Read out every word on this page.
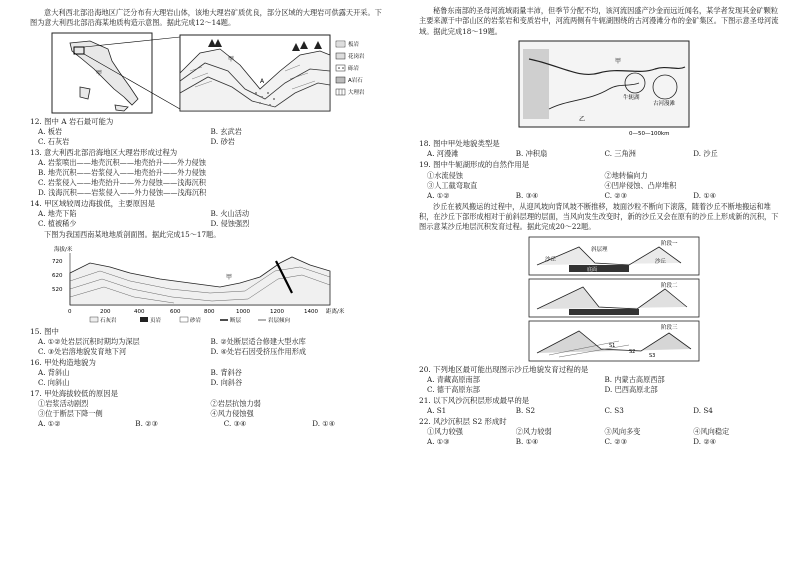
意大利西北部沿海地区广泛分布有大理岩山体，该地大理岩矿质优良，部分区域的大理岩可供露天开采。下图为意大利西北部沿海某地质构造示意图。据此完成12～14题。

甲
A
甲
板岩
花岗岩
砾岩
A岩石
大理岩
12. 图中 A 岩石最可能为
A. 板岩	B. 玄武岩
C. 石灰岩	D. 砂岩
13. 意大利西北部沿海地区大理岩形成过程为
A. 岩浆喷出——地壳沉积——地壳抬升——外力侵蚀
B. 地壳沉积——岩浆侵入——地壳抬升——外力侵蚀
C. 岩浆侵入——地壳抬升——外力侵蚀——浅海沉积
D. 浅海沉积——岩浆侵入——外力侵蚀——浅海沉积
14. 甲区域较周边海拔低，主要原因是
A. 地壳下陷	B. 火山活动
C. 植被稀少	D. 侵蚀强烈

下图为我国西南某地地质剖面图。据此完成15～17题。

海拔/米
720
620
520
甲
0	200	400	600	800	1000	1200	1400 距离/米
石灰岩	页岩	砂岩	断层	岩层倾向
15. 图中
A. ①②处岩层沉积时期均为深层	B. ②处断层适合修建大型水库
C. ③处岩溶地貌发育地下河	D. ④处岩石因受挤压作用形成
16. 甲处构造地貌为
A. 背斜山	B. 背斜谷
C. 向斜山	D. 向斜谷
17. 甲处海拔较低的原因是
①岩浆活动剧烈	②岩层抗蚀力弱
③位于断层下降一侧	④风力侵蚀强
A. ①②	B. ②③	C. ③④	D. ①④

秘鲁东南部的圣母河流域雨量丰沛，但季节分配不均，该河流因盛产沙金而远近闻名，某学者发现其金矿颗粒主要来源于中部山区的岩浆岩和变质岩中，河流两侧有牛轭湖围绕的古河漫滩分布的金矿集区。下图示意圣母河流域。据此完成18～19题。

甲
牛轭湖
古河漫滩
乙
0—50—100km
18. 图中甲处地貌类型是
A. 河漫滩	B. 冲积扇	C. 三角洲	D. 沙丘
19. 图中牛轭湖形成的自然作用是
①水流侵蚀	②地转偏向力
③人工截弯取直	④凹岸侵蚀、凸岸堆积
A. ①②	B. ③④	C. ②③	D. ①④

沙丘在被风搬运的过程中，从迎风坡向背风坡不断推移，坡面沙粒不断向下滚落，随着沙丘不断地搬运和堆积，在沙丘下部形成相对于前斜层理的层面，当风向发生改变时，新的沙丘又会在原有的沙丘上形成新的沉积，下图示意某沙丘地层沉积发育过程。据此完成20～22题。

阶段一
斜层理
沙丘	沙丘
底面
阶段二
阶段三
S1
S2
S3
20. 下列地区最可能出现图示沙丘地貌发育过程的是
A. 青藏高原南部	B. 内蒙古高原西部
C. 德干高原东部	D. 巴西高原北部
21. 以下风沙沉积层形成最早的是
A. S1	B. S2	C. S3	D. S4
22. 风沙沉积层 S2 形成时
①风力较强	②风力较弱	③风向多变	④风向稳定
A. ①③	B. ①④	C. ②③	D. ②④
